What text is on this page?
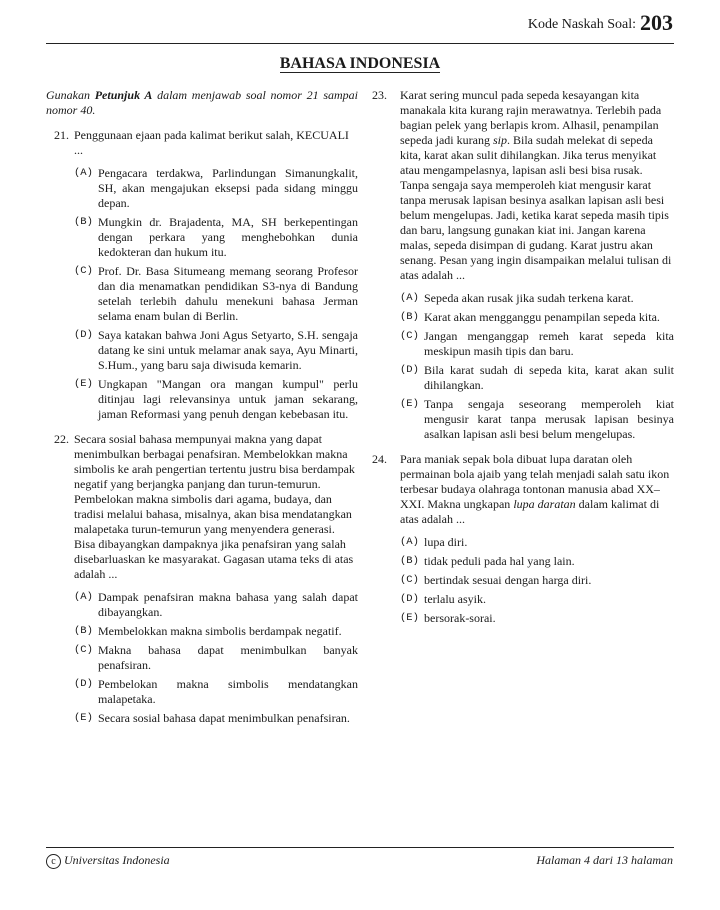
Kode Naskah Soal: 203
BAHASA INDONESIA
Gunakan Petunjuk A dalam menjawab soal nomor 21 sampai nomor 40.
21. Penggunaan ejaan pada kalimat berikut salah, KECUALI ...
(A) Pengacara terdakwa, Parlindungan Simanungkalit, SH, akan mengajukan eksepsi pada sidang minggu depan.
(B) Mungkin dr. Brajadenta, MA, SH berkepentingan dengan perkara yang menghebohkan dunia kedokteran dan hukum itu.
(C) Prof. Dr. Basa Situmeang memang seorang Profesor dan dia menamatkan pendidikan S3-nya di Bandung setelah terlebih dahulu menekuni bahasa Jerman selama enam bulan di Berlin.
(D) Saya katakan bahwa Joni Agus Setyarto, S.H. sengaja datang ke sini untuk melamar anak saya, Ayu Minarti, S.Hum., yang baru saja diwisuda kemarin.
(E) Ungkapan "Mangan ora mangan kumpul" perlu ditinjau lagi relevansinya untuk jaman sekarang, jaman Reformasi yang penuh dengan kebebasan itu.
22. Secara sosial bahasa mempunyai makna yang dapat menimbulkan berbagai penafsiran. Membelokkan makna simbolis ke arah pengertian tertentu justru bisa berdampak negatif yang berjangka panjang dan turun-temurun. Pembelokan makna simbolis dari agama, budaya, dan tradisi melalui bahasa, misalnya, akan bisa mendatangkan malapetaka turun-temurun yang menyendera generasi. Bisa dibayangkan dampaknya jika penafsiran yang salah disebarluaskan ke masyarakat. Gagasan utama teks di atas adalah ...
(A) Dampak penafsiran makna bahasa yang salah dapat dibayangkan.
(B) Membelokkan makna simbolis berdampak negatif.
(C) Makna bahasa dapat menimbulkan banyak penafsiran.
(D) Pembelokan makna simbolis mendatangkan malapetaka.
(E) Secara sosial bahasa dapat menimbulkan penafsiran.
23.	Karat sering muncul pada sepeda kesayangan kita manakala kita kurang rajin merawatnya. Terlebih pada bagian pelek yang berlapis krom. Alhasil, penampilan sepeda jadi kurang sip. Bila sudah melekat di sepeda kita, karat akan sulit dihilangkan. Jika terus menyikat atau mengampelasnya, lapisan asli besi bisa rusak. Tanpa sengaja saya memperoleh kiat mengusir karat tanpa merusak lapisan besinya asalkan lapisan asli besi belum mengelupas. Jadi, ketika karat sepeda masih tipis dan baru, langsung gunakan kiat ini. Jangan karena malas, sepeda disimpan di gudang. Karat justru akan senang. Pesan yang ingin disampaikan melalui tulisan di atas adalah ...
(A) Sepeda akan rusak jika sudah terkena karat.
(B) Karat akan mengganggu penampilan sepeda kita.
(C) Jangan menganggap remeh karat sepeda kita meskipun masih tipis dan baru.
(D) Bila karat sudah di sepeda kita, karat akan sulit dihilangkan.
(E) Tanpa sengaja seseorang memperoleh kiat mengusir karat tanpa merusak lapisan besinya asalkan lapisan asli besi belum mengelupas.
24.	Para maniak sepak bola dibuat lupa daratan oleh permainan bola ajaib yang telah menjadi salah satu ikon terbesar budaya olahraga tontonan manusia abad XX–XXI. Makna ungkapan lupa daratan dalam kalimat di atas adalah ...
(A) lupa diri.
(B) tidak peduli pada hal yang lain.
(C) bertindak sesuai dengan harga diri.
(D) terlalu asyik.
(E) bersorak-sorai.
c Universitas Indonesia	Halaman 4 dari 13 halaman
